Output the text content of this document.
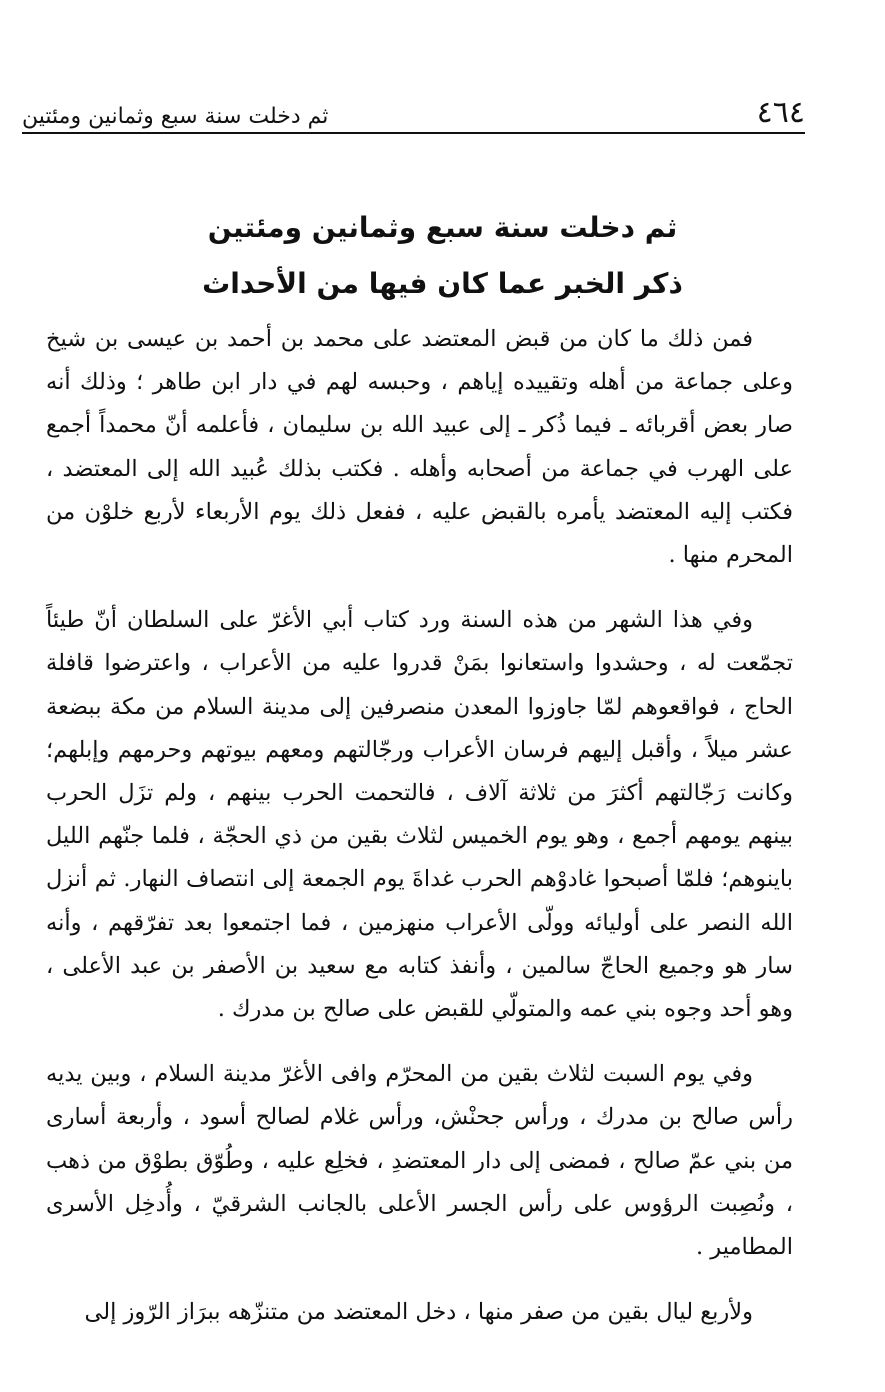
٤٦٤
ثم دخلت سنة سبع وثمانين ومئتين
ثم دخلت سنة سبع وثمانين ومئتين
ذكر الخبر عما كان فيها من الأحداث

فمن ذلك ما كان من قبض المعتضد على محمد بن أحمد بن عيسى بن شيخ وعلى جماعة من أهله وتقييده إياهم ، وحبسه لهم في دار ابن طاهر ؛ وذلك أنه صار بعض أقربائه ـ فيما ذُكر ـ إلى عبيد الله بن سليمان ، فأعلمه أنّ محمداً أجمع على الهرب في جماعة من أصحابه وأهله . فكتب بذلك عُبيد الله إلى المعتضد ، فكتب إليه المعتضد يأمره بالقبض عليه ، ففعل ذلك يوم الأربعاء لأربع خلوْن من المحرم منها .

وفي هذا الشهر من هذه السنة ورد كتاب أبي الأغرّ على السلطان أنّ طيئاً تجمّعت له ، وحشدوا واستعانوا بمَنْ قدروا عليه من الأعراب ، واعترضوا قافلة الحاج ، فواقعوهم لمّا جاوزوا المعدن منصرفين إلى مدينة السلام من مكة ببضعة عشر ميلاً ، وأقبل إليهم فرسان الأعراب ورجّالتهم ومعهم بيوتهم وحرمهم وإبلهم؛ وكانت رَجّالتهم أكثرَ من ثلاثة آلاف ، فالتحمت الحرب بينهم ، ولم تزَل الحرب بينهم يومهم أجمع ، وهو يوم الخميس لثلاث بقين من ذي الحجّة ، فلما جنّهم الليل باينوهم؛ فلمّا أصبحوا غادوْهم الحرب غداةَ يوم الجمعة إلى انتصاف النهار. ثم أنزل الله النصر على أوليائه وولّى الأعراب منهزمين ، فما اجتمعوا بعد تفرّقهم ، وأنه سار هو وجميع الحاجّ سالمين ، وأنفذ كتابه مع سعيد بن الأصفر بن عبد الأعلى ، وهو أحد وجوه بني عمه والمتولّي للقبض على صالح بن مدرك .

وفي يوم السبت لثلاث بقين من المحرّم وافى الأغرّ مدينة السلام ، وبين يديه رأس صالح بن مدرك ، ورأس جحنْش، ورأس غلام لصالح أسود ، وأربعة أسارى من بني عمّ صالح ، فمضى إلى دار المعتضدِ ، فخلِع عليه ، وطُوّق بطوْق من ذهب ، ونُصِبت الرؤوس على رأس الجسر الأعلى بالجانب الشرقيّ ، وأُدخِل الأسرى المطامير .

ولأربع ليال بقين من صفر منها ، دخل المعتضد من متنزّهه ببرَاز الرّوز إلى
